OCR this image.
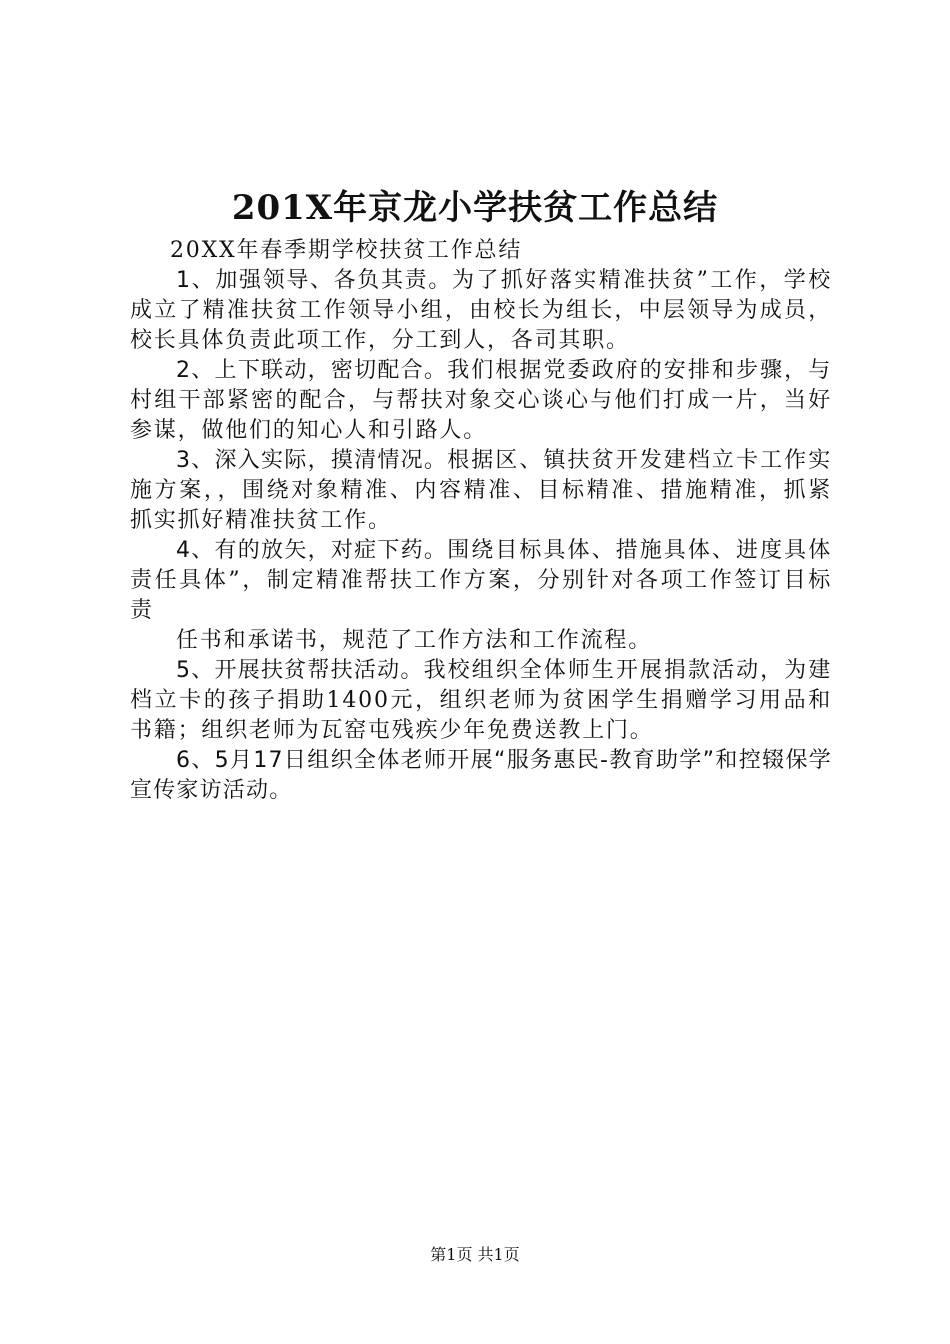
201X年京龙小学扶贫工作总结

20XX年春季期学校扶贫工作总结

1、加强领导、各负其责。为了抓好落实精准扶贫”工作，学校成立了精准扶贫工作领导小组，由校长为组长，中层领导为成员，校长具体负责此项工作，分工到人，各司其职。

2、上下联动，密切配合。我们根据党委政府的安排和步骤，与村组干部紧密的配合，与帮扶对象交心谈心与他们打成一片，当好参谋，做他们的知心人和引路人。

3、深入实际，摸清情况。根据区、镇扶贫开发建档立卡工作实施方案，，围绕对象精准、内容精准、目标精准、措施精准，抓紧抓实抓好精准扶贫工作。

4、有的放矢，对症下药。围绕目标具体、措施具体、进度具体责任具体”，制定精准帮扶工作方案，分别针对各项工作签订目标责

任书和承诺书，规范了工作方法和工作流程。

5、开展扶贫帮扶活动。我校组织全体师生开展捐款活动，为建档立卡的孩子捐助1400元，组织老师为贫困学生捐赠学习用品和书籍；组织老师为瓦窑屯残疾少年免费送教上门。

6、5月17日组织全体老师开展“服务惠民-教育助学”和控辍保学宣传家访活动。

第1页 共1页
